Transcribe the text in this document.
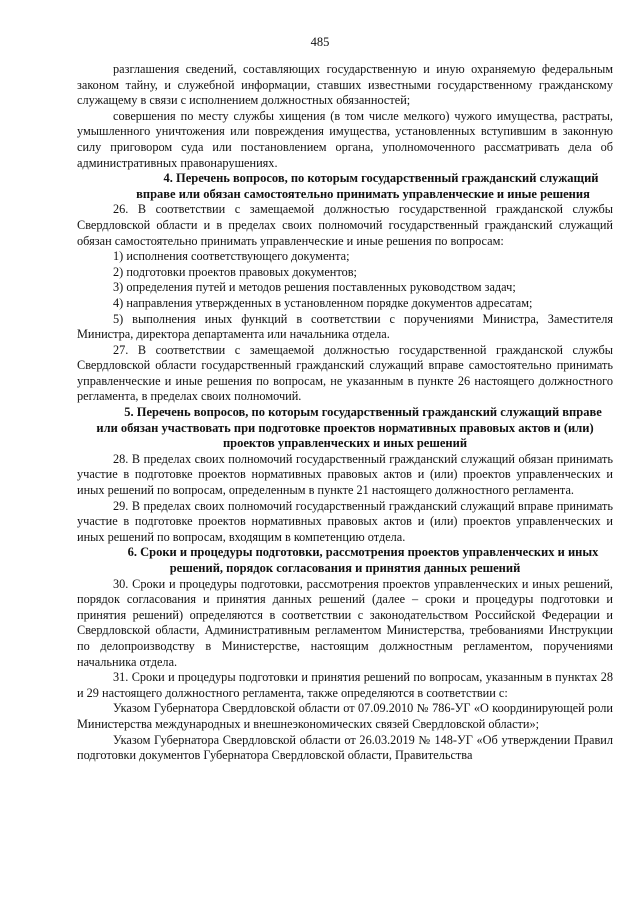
485

разглашения сведений, составляющих государственную и иную охраняемую федеральным законом тайну, и служебной информации, ставших известными государственному гражданскому служащему в связи с исполнением должностных обязанностей;

совершения по месту службы хищения (в том числе мелкого) чужого имущества, растраты, умышленного уничтожения или повреждения имущества, установленных вступившим в законную силу приговором суда или постановлением органа, уполномоченного рассматривать дела об административных правонарушениях.

4. Перечень вопросов, по которым государственный гражданский служащий вправе или обязан самостоятельно принимать управленческие и иные решения

26. В соответствии с замещаемой должностью государственной гражданской службы Свердловской области и в пределах своих полномочий государственный гражданский служащий обязан самостоятельно принимать управленческие и иные решения по вопросам:

1) исполнения соответствующего документа;

2) подготовки проектов правовых документов;

3) определения путей и методов решения поставленных руководством задач;

4) направления утвержденных в установленном порядке документов адресатам;

5) выполнения иных функций в соответствии с поручениями Министра, Заместителя Министра, директора департамента или начальника отдела.

27. В соответствии с замещаемой должностью государственной гражданской службы Свердловской области государственный гражданский служащий вправе самостоятельно принимать управленческие и иные решения по вопросам, не указанным в пункте 26 настоящего должностного регламента, в пределах своих полномочий.

5. Перечень вопросов, по которым государственный гражданский служащий вправе или обязан участвовать при подготовке проектов нормативных правовых актов и (или) проектов управленческих и иных решений

28. В пределах своих полномочий государственный гражданский служащий обязан принимать участие в подготовке проектов нормативных правовых актов и (или) проектов управленческих и иных решений по вопросам, определенным в пункте 21 настоящего должностного регламента.

29. В пределах своих полномочий государственный гражданский служащий вправе принимать участие в подготовке проектов нормативных правовых актов и (или) проектов управленческих и иных решений по вопросам, входящим в компетенцию отдела.

6. Сроки и процедуры подготовки, рассмотрения проектов управленческих и иных решений, порядок согласования и принятия данных решений

30. Сроки и процедуры подготовки, рассмотрения проектов управленческих и иных решений, порядок согласования и принятия данных решений (далее – сроки и процедуры подготовки и принятия решений) определяются в соответствии с законодательством Российской Федерации и Свердловской области, Административным регламентом Министерства, требованиями Инструкции по делопроизводству в Министерстве, настоящим должностным регламентом, поручениями начальника отдела.

31. Сроки и процедуры подготовки и принятия решений по вопросам, указанным в пунктах 28 и 29 настоящего должностного регламента, также определяются в соответствии с:

Указом Губернатора Свердловской области от 07.09.2010 № 786-УГ «О координирующей роли Министерства международных и внешнеэкономических связей Свердловской области»;

Указом Губернатора Свердловской области от 26.03.2019 № 148-УГ «Об утверждении Правил подготовки документов Губернатора Свердловской области, Правительства
